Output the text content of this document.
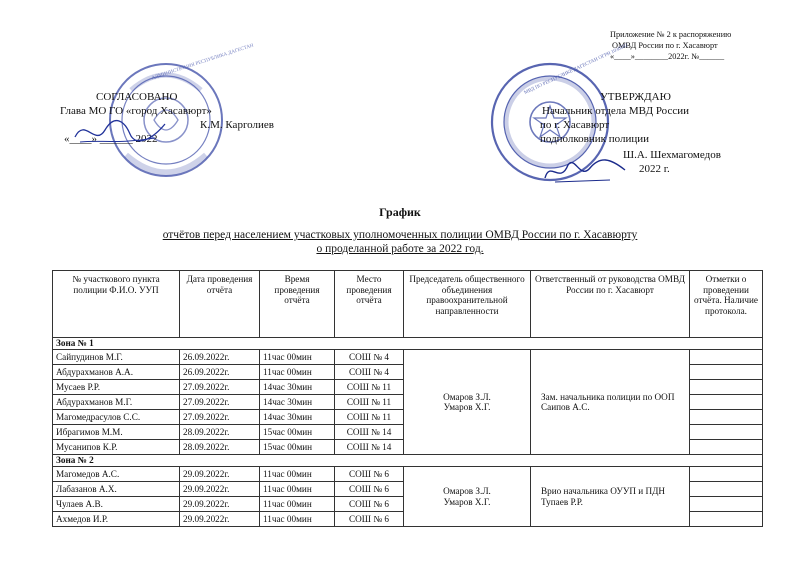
Приложение № 2 к распоряжению
ОМВД России по г. Хасавюрт
«____»________2022г. №______
АДМИНИСТРАЦИЯ РЕСПУБЛИКА ДАГЕСТАН	МВД ПО РЕСПУБЛИКЕ ДАГЕСТАН ОГРН 1030502
СОГЛАСОВАНО
Глава МО ГО «город Хасавюрт»
К.М. Карголиев
«____» ______ 2022
УТВЕРЖДАЮ
Начальник отдела МВД России
по г. Хасавюрт
подполковник полиции
Ш.А. Шехмагомедов
2022 г.
График
отчётов перед населением участковых уполномоченных полиции ОМВД России по г. Хасавюрту
о проделанной работе за 2022 год.
№ участкового пункта полиции Ф.И.О. УУП	Дата проведения отчёта	Время проведения отчёта	Место проведения отчёта	Председатель общественного объединения правоохранительной направленности	Ответственный от руководства ОМВД России по г. Хасавюрт	Отметки о проведении отчёта. Наличие протокола.
Зона № 1						
Сайпудинов М.Г.	26.09.2022г.	11час 00мин	СОШ № 4	Омаров З.Л. Умаров Х.Г.	Зам. начальника полиции по ООП Саипов А.С.	
Абдурахманов А.А.	26.09.2022г.	11час 00мин	СОШ № 4			
Мусаев Р.Р.	27.09.2022г.	14час 30мин	СОШ № 11			
Абдурахманов М.Г.	27.09.2022г.	14час 30мин	СОШ № 11			
Магомедрасулов С.С.	27.09.2022г.	14час 30мин	СОШ № 11			
Ибрагимов М.М.	28.09.2022г.	15час 00мин	СОШ № 14			
Мусанипов К.Р.	28.09.2022г.	15час 00мин	СОШ № 14			
Зона № 2						
Магомедов А.С.	29.09.2022г.	11час 00мин	СОШ № 6	Омаров З.Л. Умаров Х.Г.	Врио начальника ОУУП и ПДН Тупаев Р.Р.	
Лабазанов А.Х.	29.09.2022г.	11час 00мин	СОШ № 6			
Чулаев А.В.	29.09.2022г.	11час 00мин	СОШ № 6			
Ахмедов И.Р.	29.09.2022г.	11час 00мин	СОШ № 6			
